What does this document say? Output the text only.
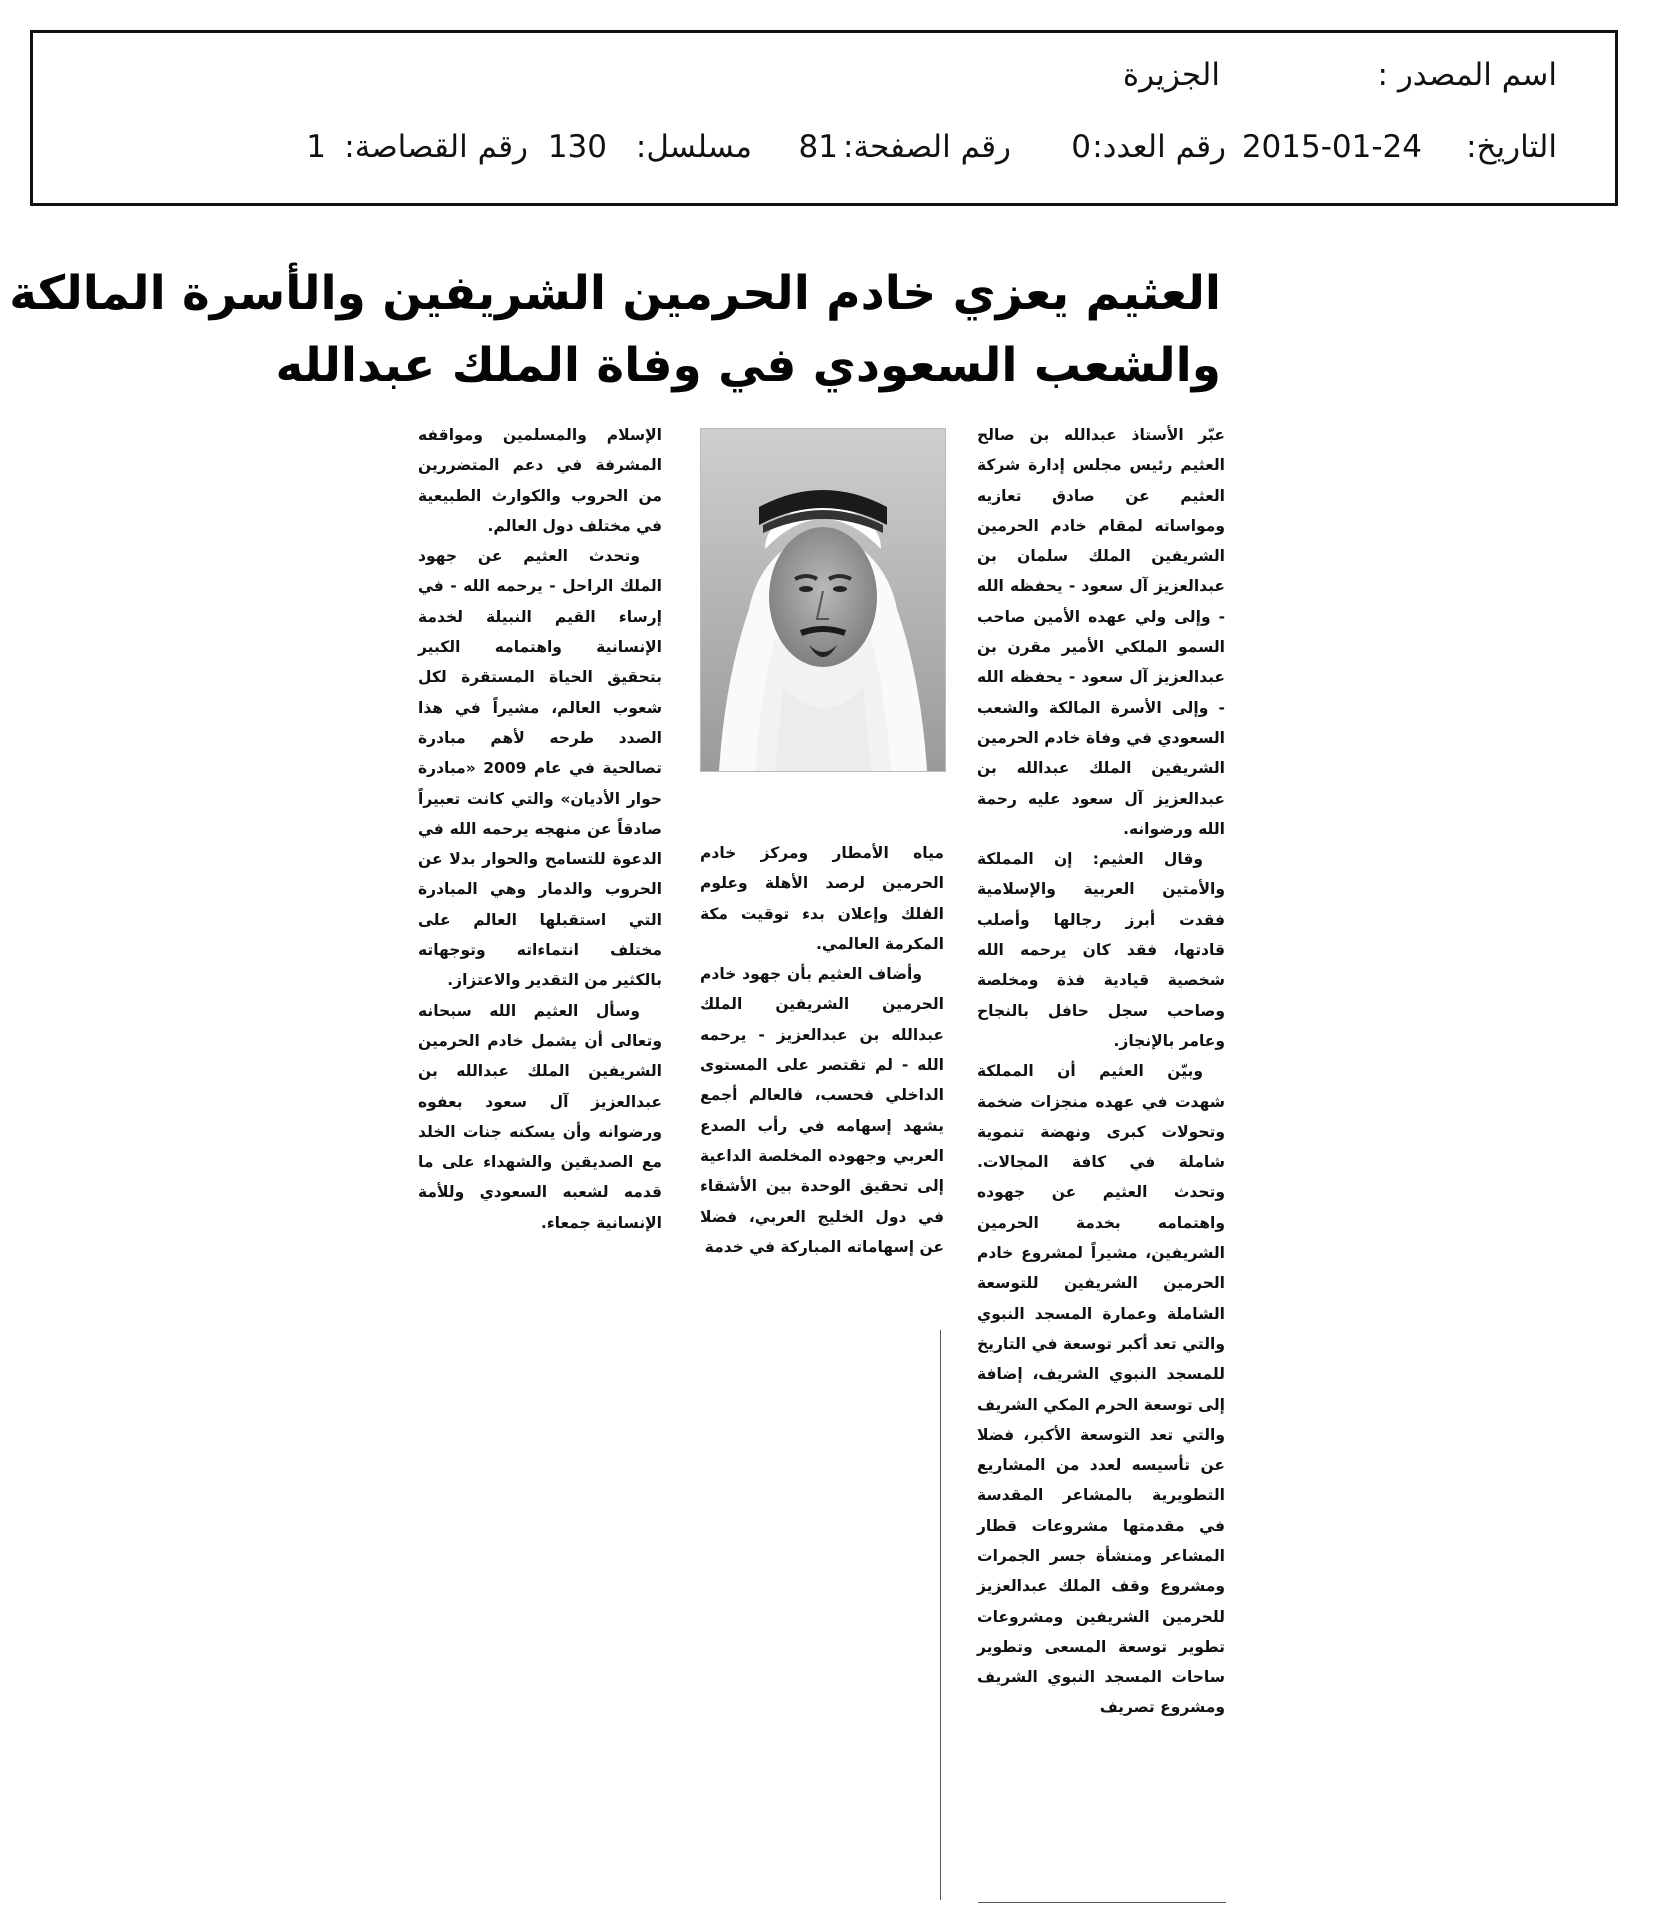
اسم المصدر :
الجزيرة
التاريخ:
2015-01-24
رقم العدد:
0
رقم الصفحة:
81
مسلسل:
130
رقم القصاصة:
1
العثيم يعزي خادم الحرمين الشريفين والأسرة المالكة
والشعب السعودي في وفاة الملك عبدالله

عبّر الأستاذ عبدالله بن صالح العثيم رئيس مجلس إدارة شركة العثيم عن صادق تعازيه ومواساته لمقام خادم الحرمين الشريفين الملك سلمان بن عبدالعزيز آل سعود - يحفظه الله - وإلى ولي عهده الأمين صاحب السمو الملكي الأمير مقرن بن عبدالعزيز آل سعود - يحفظه الله - وإلى الأسرة المالكة والشعب السعودي في وفاة خادم الحرمين الشريفين الملك عبدالله بن عبدالعزيز آل سعود عليه رحمة الله ورضوانه.

وقال العثيم: إن المملكة والأمتين العربية والإسلامية فقدت أبرز رجالها وأصلب قادتها، فقد كان يرحمه الله شخصية قيادية فذة ومخلصة وصاحب سجل حافل بالنجاح وعامر بالإنجاز.

وبيّن العثيم أن المملكة شهدت في عهده منجزات ضخمة وتحولات كبرى ونهضة تنموية شاملة في كافة المجالات. وتحدث العثيم عن جهوده واهتمامه بخدمة الحرمين الشريفين، مشيراً لمشروع خادم الحرمين الشريفين للتوسعة الشاملة وعمارة المسجد النبوي والتي تعد أكبر توسعة في التاريخ للمسجد النبوي الشريف، إضافة إلى توسعة الحرم المكي الشريف والتي تعد التوسعة الأكبر، فضلا عن تأسيسه لعدد من المشاريع التطويرية بالمشاعر المقدسة في مقدمتها مشروعات قطار المشاعر ومنشأة جسر الجمرات ومشروع وقف الملك عبدالعزيز للحرمين الشريفين ومشروعات تطوير توسعة المسعى وتطوير ساحات المسجد النبوي الشريف ومشروع تصريف

مياه الأمطار ومركز خادم الحرمين لرصد الأهلة وعلوم الفلك وإعلان بدء توقيت مكة المكرمة العالمي.

وأضاف العثيم بأن جهود خادم الحرمين الشريفين الملك عبدالله بن عبدالعزيز - يرحمه الله - لم تقتصر على المستوى الداخلي فحسب، فالعالم أجمع يشهد إسهامه في رأب الصدع العربي وجهوده المخلصة الداعية إلى تحقيق الوحدة بين الأشقاء في دول الخليج العربي، فضلا عن إسهاماته المباركة في خدمة

الإسلام والمسلمين ومواقفه المشرفة في دعم المتضررين من الحروب والكوارث الطبيعية في مختلف دول العالم.

وتحدث العثيم عن جهود الملك الراحل - يرحمه الله - في إرساء القيم النبيلة لخدمة الإنسانية واهتمامه الكبير بتحقيق الحياة المستقرة لكل شعوب العالم، مشيراً في هذا الصدد طرحه لأهم مبادرة تصالحية في عام 2009 «مبادرة حوار الأديان» والتي كانت تعبيراً صادقاً عن منهجه يرحمه الله في الدعوة للتسامح والحوار بدلا عن الحروب والدمار وهي المبادرة التي استقبلها العالم على مختلف انتماءاته وتوجهاته بالكثير من التقدير والاعتزاز.

وسأل العثيم الله سبحانه وتعالى أن يشمل خادم الحرمين الشريفين الملك عبدالله بن عبدالعزيز آل سعود بعفوه ورضوانه وأن يسكنه جنات الخلد مع الصديقين والشهداء على ما قدمه لشعبه السعودي وللأمة الإنسانية جمعاء.
